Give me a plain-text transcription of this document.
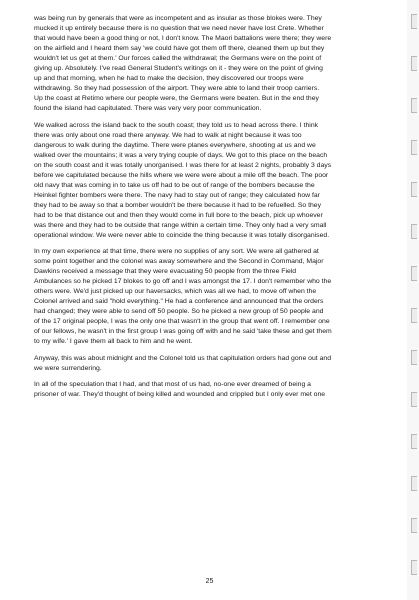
was being run by generals that were as incompetent and as insular as those blokes were. They
mucked it up entirely because there is no question that we need never have lost Crete. Whether
that would have been a good thing or not, I don't know. The Maori battalions were there; they were
on the airfield and I heard them say 'we could have got them off there, cleaned them up but they
wouldn't let us get at them.' Our forces called the withdrawal; the Germans were on the point of
giving up. Absolutely. I've read General Student's writings on it - they were on the point of giving
up and that morning, when he had to make the decision, they discovered our troops were
withdrawing. So they had possession of the airport. They were able to land their troop carriers.
Up the coast at Retimo where our people were, the Germans were beaten. But in the end they
found the island had capitulated. There was very very poor communication.

We walked across the island back to the south coast; they told us to head across there. I think
there was only about one road there anyway. We had to walk at night because it was too
dangerous to walk during the daytime. There were planes everywhere, shooting at us and we
walked over the mountains; it was a very trying couple of days. We got to this place on the beach
on the south coast and it was totally unorganised. I was there for at least 2 nights, probably 3 days
before we capitulated because the hills where we were were about a mile off the beach. The poor
old navy that was coming in to take us off had to be out of range of the bombers because the
Heinkel fighter bombers were there. The navy had to stay out of range; they calculated how far
they had to be away so that a bomber wouldn't be there because it had to be refuelled. So they
had to be that distance out and then they would come in full bore to the beach, pick up whoever
was there and they had to be outside that range within a certain time. They only had a very small
operational window. We were never able to coincide the thing because it was totally disorganised.

In my own experience at that time, there were no supplies of any sort. We were all gathered at
some point together and the colonel was away somewhere and the Second in Command, Major
Dawkins received a message that they were evacuating 50 people from the three Field
Ambulances so he picked 17 blokes to go off and I was amongst the 17. I don't remember who the
others were. We'd just picked up our haversacks, which was all we had, to move off when the
Colonel arrived and said "hold everything." He had a conference and announced that the orders
had changed; they were able to send off 50 people. So he picked a new group of 50 people and
of the 17 original people, I was the only one that wasn't in the group that went off. I remember one
of our fellows, he wasn't in the first group I was going off with and he said 'take these and get them
to my wife.' I gave them all back to him and he went.

Anyway, this was about midnight and the Colonel told us that capitulation orders had gone out and
we were surrendering.

In all of the speculation that I had, and that most of us had, no-one ever dreamed of being a
prisoner of war. They'd thought of being killed and wounded and crippled but I only ever met one

25
